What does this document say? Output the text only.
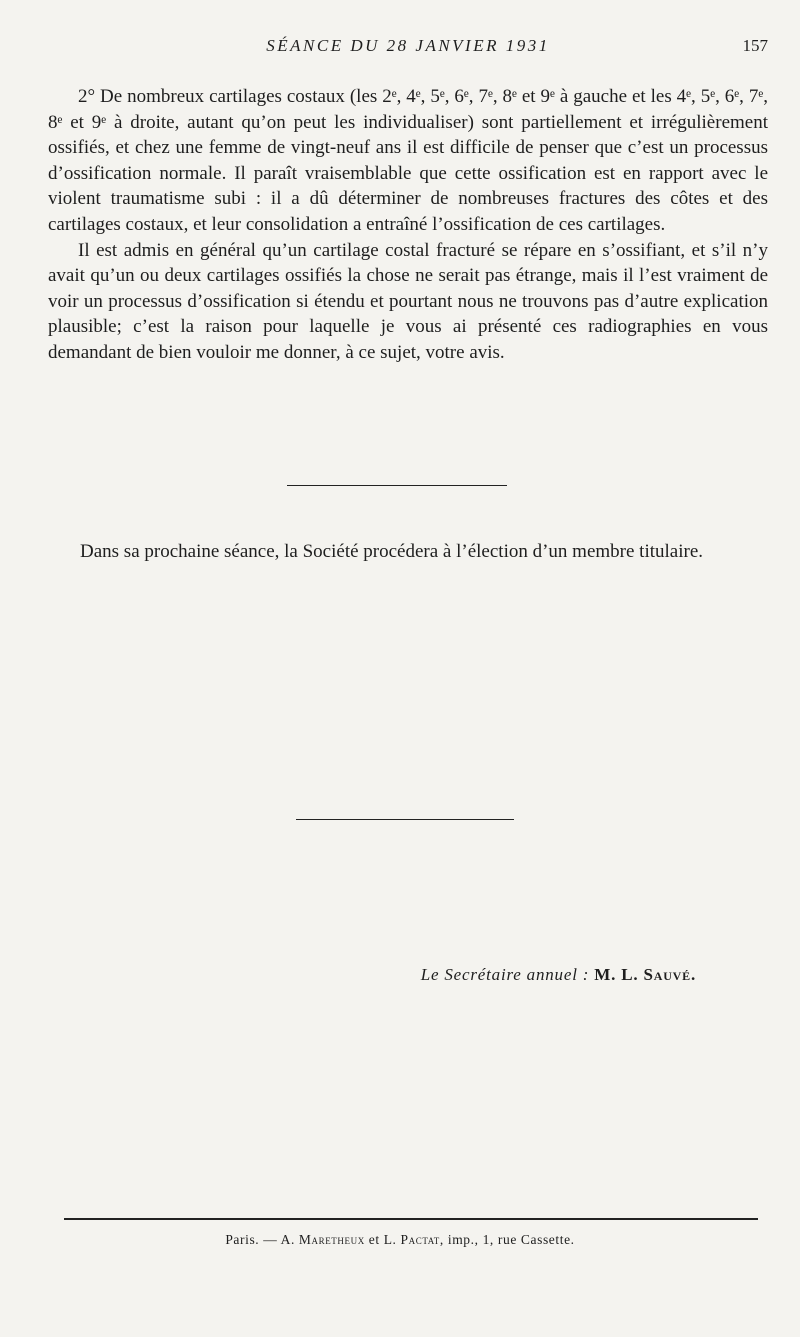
SÉANCE DU 28 JANVIER 1931	157

2° De nombreux cartilages costaux (les 2ᵉ, 4ᵉ, 5ᵉ, 6ᵉ, 7ᵉ, 8ᵉ et 9ᵉ à gauche et les 4ᵉ, 5ᵉ, 6ᵉ, 7ᵉ, 8ᵉ et 9ᵉ à droite, autant qu’on peut les individualiser) sont partiellement et irrégulièrement ossifiés, et chez une femme de vingt-neuf ans il est difficile de penser que c’est un processus d’ossification normale. Il paraît vraisemblable que cette ossification est en rapport avec le violent traumatisme subi : il a dû déterminer de nombreuses fractures des côtes et des cartilages costaux, et leur consolidation a entraîné l’ossification de ces cartilages.

Il est admis en général qu’un cartilage costal fracturé se répare en s’ossifiant, et s’il n’y avait qu’un ou deux cartilages ossifiés la chose ne serait pas étrange, mais il l’est vraiment de voir un processus d’ossification si étendu et pourtant nous ne trouvons pas d’autre explication plausible; c’est la raison pour laquelle je vous ai présenté ces radiographies en vous demandant de bien vouloir me donner, à ce sujet, votre avis.

Dans sa prochaine séance, la Société procédera à l’élection d’un membre titulaire.

Le Secrétaire annuel : M. L. Sauvé.
Paris. — A. Maretheux et L. Pactat, imp., 1, rue Cassette.
